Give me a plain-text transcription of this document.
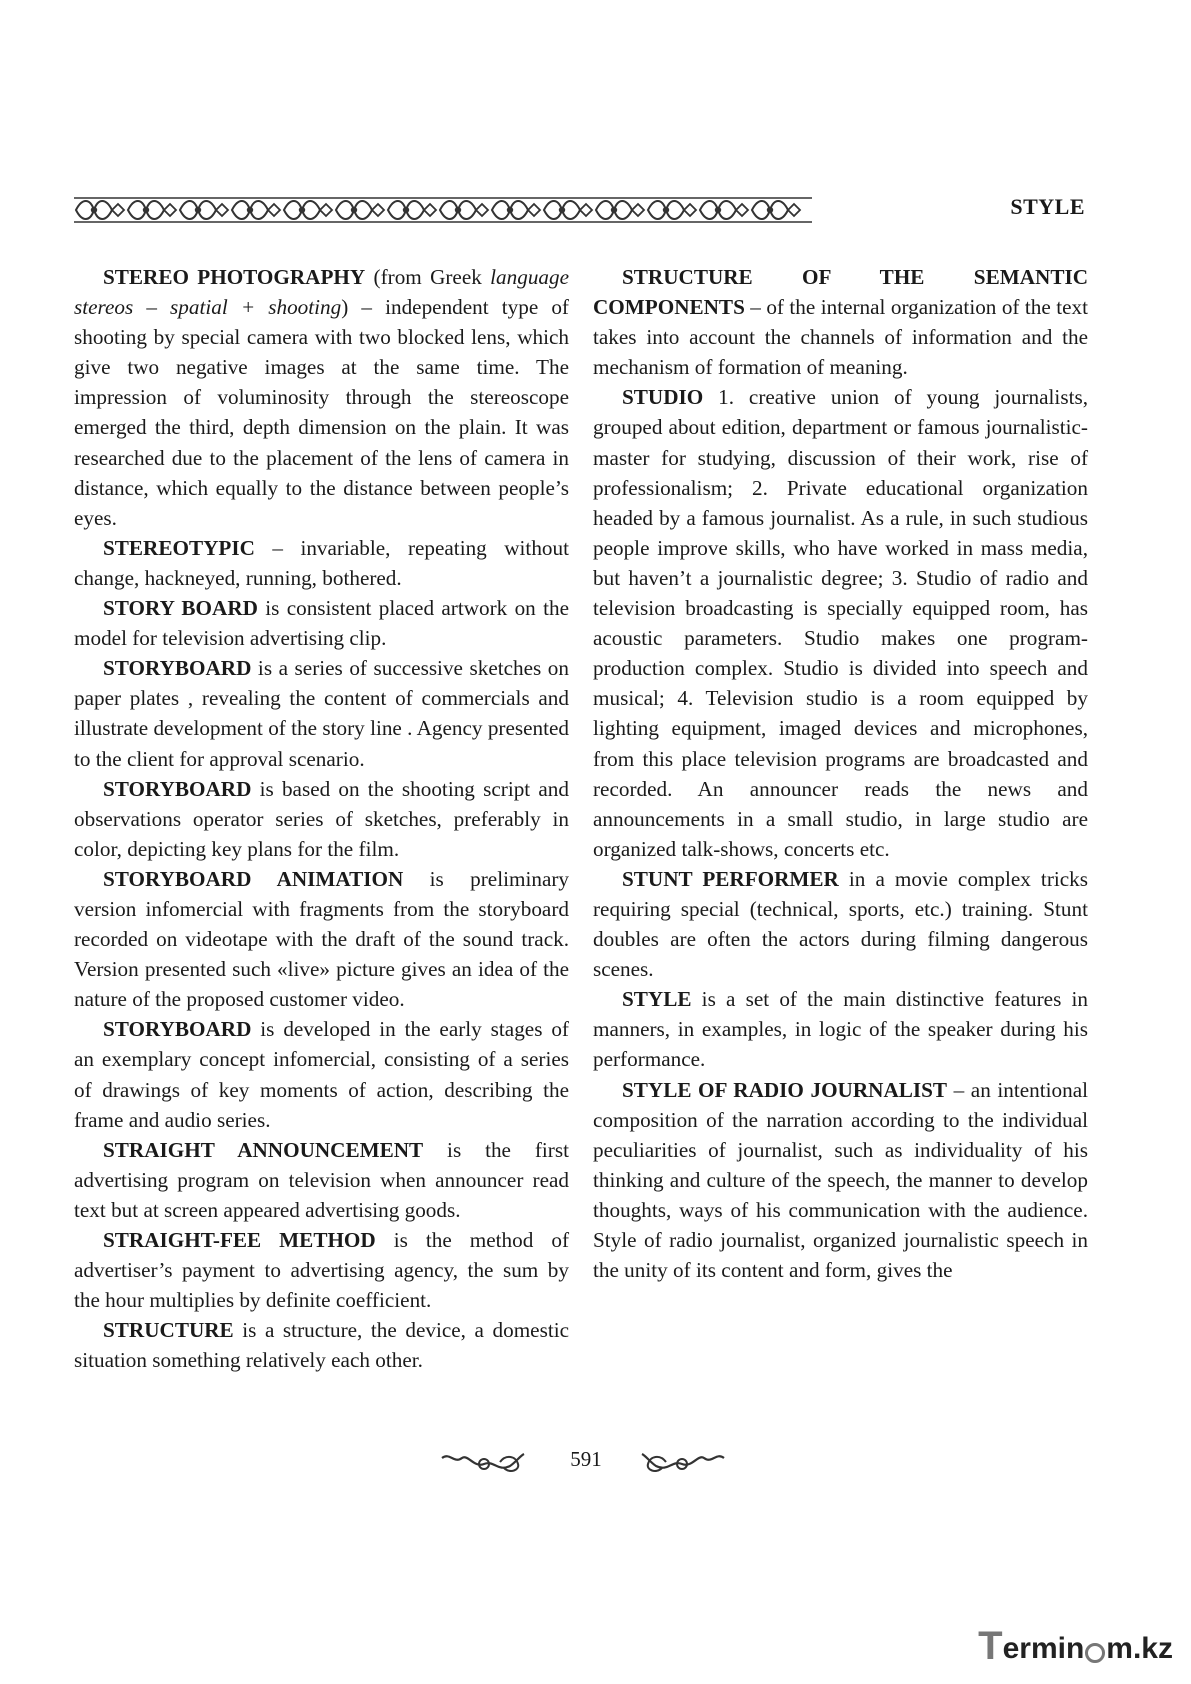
STYLE

STEREO PHOTOGRAPHY (from Greek language stereos – spatial + shooting) – independent type of shooting by special camera with two blocked lens, which give two negative images at the same time. The impression of voluminosity through the stereoscope emerged the third, depth dimension on the plain. It was researched due to the placement of the lens of camera in distance, which equally to the distance between people’s eyes.

STEREOTYPIC – invariable, repeating without change, hackneyed, running, bothered.

STORY BOARD is consistent placed artwork on the model for television advertising clip.

STORYBOARD is a series of successive sketches on paper plates , revealing the content of commercials and illustrate development of the story line . Agency presented to the client for approval scenario.

STORYBOARD is based on the shooting script and observations operator series of sketches, preferably in color, depicting key plans for the film.

STORYBOARD ANIMATION is preliminary version infomercial with fragments from the storyboard recorded on videotape with the draft of the sound track. Version presented such «live» picture gives an idea of the nature of the proposed customer video.

STORYBOARD is developed in the early stages of an exemplary concept infomercial, consisting of a series of drawings of key moments of action, describing the frame and audio series.

STRAIGHT ANNOUNCEMENT is the first advertising program on television when announcer read text but at screen appeared advertising goods.

STRAIGHT-FEE METHOD is the method of advertiser’s payment to advertising agency, the sum by the hour multiplies by definite coefficient.

STRUCTURE is a structure, the device, a domestic situation something relatively each other.

STRUCTURE OF THE SEMANTIC COMPONENTS – of the internal organization of the text takes into account the channels of information and the mechanism of formation of meaning.

STUDIO 1. creative union of young journalists, grouped about edition, department or famous journalistic-master for studying, discussion of their work, rise of professionalism; 2. Private educational organization headed by a famous journalist. As a rule, in such studious people improve skills, who have worked in mass media, but haven’t a journalistic degree; 3. Studio of radio and television broadcasting is specially equipped room, has acoustic parameters. Studio makes one program-production complex. Studio is divided into speech and musical; 4. Television studio is a room equipped by lighting equipment, imaged devices and microphones, from this place television programs are broadcasted and recorded. An announcer reads the news and announcements in a small studio, in large studio are organized talk-shows, concerts etc.

STUNT PERFORMER in a movie complex tricks requiring special (technical, sports, etc.) training. Stunt doubles are often the actors during filming dangerous scenes.

STYLE is a set of the main distinctive features in manners, in examples, in logic of the speaker during his performance.

STYLE OF RADIO JOURNALIST – an intentional composition of the narration according to the individual peculiarities of journalist, such as individuality of his thinking and culture of the speech, the manner to develop thoughts, ways of his communication with the audience. Style of radio journalist, organized journalistic speech in the unity of its content and form, gives the

591
T ermin m.kz
